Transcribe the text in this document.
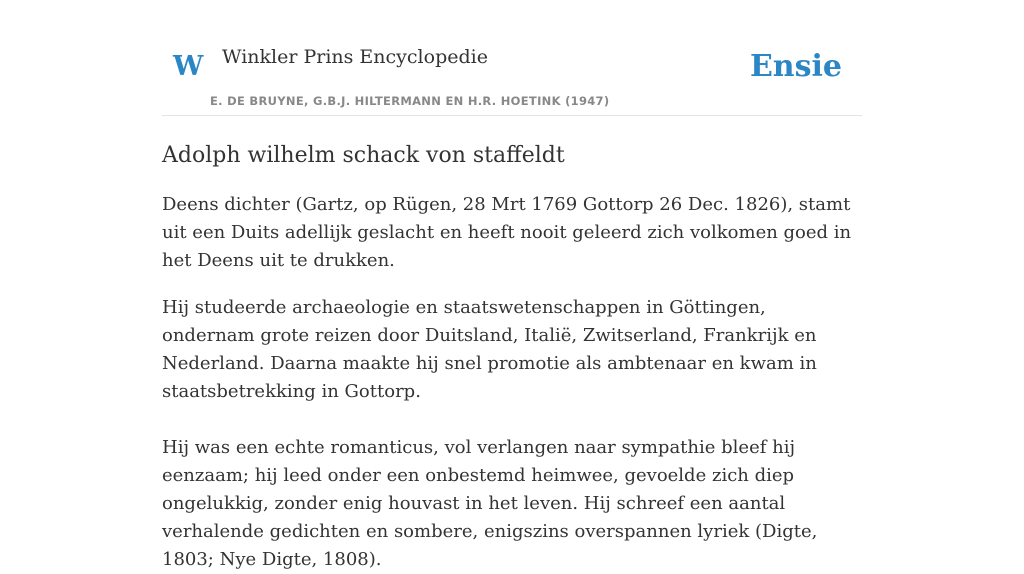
W Winkler Prins Encyclopedie
E. DE BRUYNE, G.B.J. HILTERMANN EN H.R. HOETINK (1947)
Ensie
Adolph wilhelm schack von staffeldt

Deens dichter (Gartz, op Rügen, 28 Mrt 1769 Gottorp 26 Dec. 1826), stamt uit een Duits adellijk geslacht en heeft nooit geleerd zich volkomen goed in het Deens uit te drukken.

Hij studeerde archaeologie en staatswetenschappen in Göttingen, ondernam grote reizen door Duitsland, Italië, Zwitserland, Frankrijk en Nederland. Daarna maakte hij snel promotie als ambtenaar en kwam in staatsbetrekking in Gottorp.

Hij was een echte romanticus, vol verlangen naar sympathie bleef hij eenzaam; hij leed onder een onbestemd heimwee, gevoelde zich diep ongelukkig, zonder enig houvast in het leven. Hij schreef een aantal verhalende gedichten en sombere, enigszins overspannen lyriek (Digte, 1803; Nye Digte, 1808).
